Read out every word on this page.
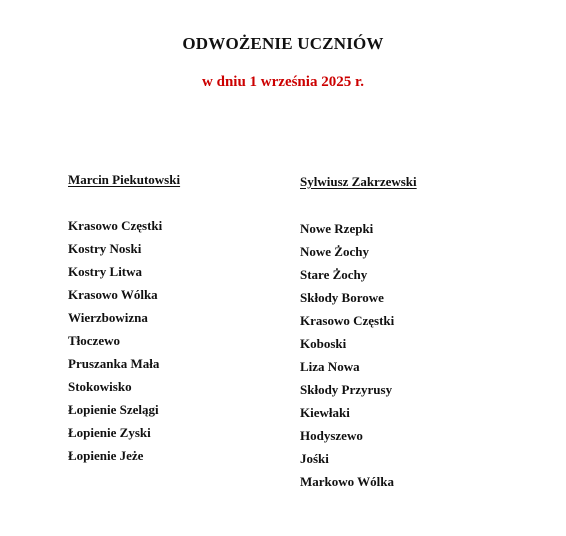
ODWOŻENIE UCZNIÓW
w dniu 1 września 2025 r.
Marcin Piekutowski
Krasowo Częstki
Kostry Noski
Kostry Litwa
Krasowo Wólka
Wierzbowizna
Tłoczewo
Pruszanka Mała
Stokowisko
Łopienie Szelągi
Łopienie Zyski
Łopienie Jeże
Sylwiusz Zakrzewski
Nowe Rzepki
Nowe Żochy
Stare Żochy
Skłody Borowe
Krasowo Częstki
Koboski
Liza Nowa
Skłody Przyrusy
Kiewłaki
Hodyszewo
Jośki
Markowo Wólka
